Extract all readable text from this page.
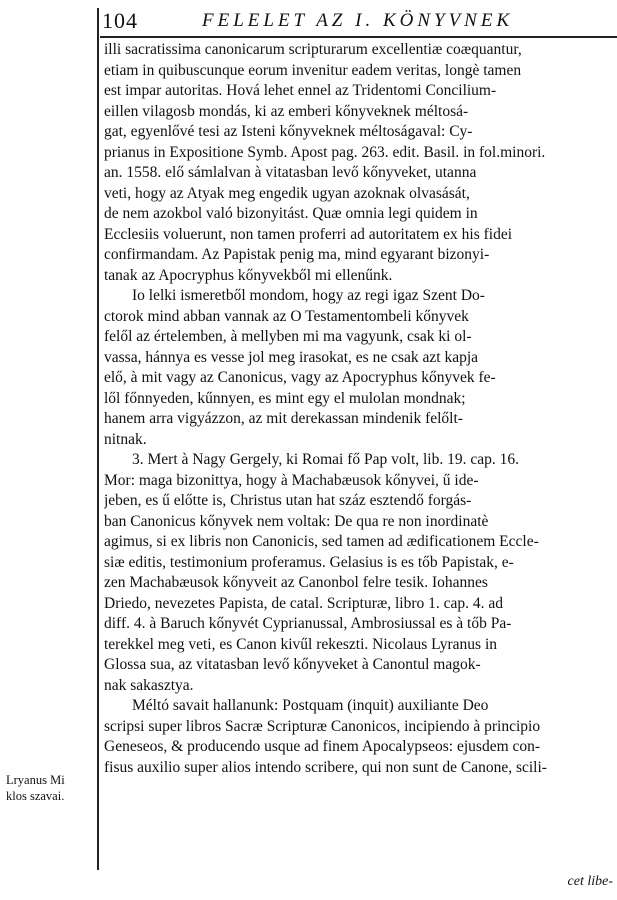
104	FELELET AZ I. KÖNYVNEK
illi sacratissima canonicarum scripturarum excellentiæ coæquantur,
etiam in quibuscunque eorum invenitur eadem veritas, longè tamen
est impar autoritas. Hová lehet ennel az Tridentomi Concilium-
eillen vilagosb mondás, ki az emberi kőnyveknek méltosá-
gat, egyenlővé tesi az Isteni kőnyveknek méltoságaval: Cy-
prianus in Expositione Symb. Apost pag. 263. edit. Basil. in fol.minori.
an. 1558. elő sámlalvan à vitatasban levő kőnyveket, utanna
veti, hogy az Atyak meg engedik ugyan azoknak olvasását,
de nem azokbol való bizonyitást. Quæ omnia legi quidem in
Ecclesiis voluerunt, non tamen proferri ad autoritatem ex his fidei
confirmandam. Az Papistak penig ma, mind egyarant bizonyi-
tanak az Apocryphus kőnyvekből mi ellenűnk.
Io lelki ismeretből mondom, hogy az regi igaz Szent Do-
ctorok mind abban vannak az O Testamentombeli kőnyvek
felől az értelemben, à mellyben mi ma vagyunk, csak ki ol-
vassa, hánnya es vesse jol meg irasokat, es ne csak azt kapja
elő, à mit vagy az Canonicus, vagy az Apocryphus kőnyvek fe-
lől főnnyeden, kűnnyen, es mint egy el mulolan mondnak;
hanem arra vigyázzon, az mit derekassan mindenik felőlt-
nitnak.
3. Mert à Nagy Gergely, ki Romai fő Pap volt, lib. 19. cap. 16.
Mor: maga bizonittya, hogy à Machabæusok kőnyvei, ű ide-
jeben, es ű előtte is, Christus utan hat száz esztendő forgás-
ban Canonicus kőnyvek nem voltak: De qua re non inordinatè
agimus, si ex libris non Canonicis, sed tamen ad ædificationem Eccle-
siæ editis, testimonium proferamus. Gelasius is es tőb Papistak, e-
zen Machabæusok kőnyveit az Canonbol felre tesik. Iohannes
Driedo, nevezetes Papista, de catal. Scripturæ, libro 1. cap. 4. ad
diff. 4. à Baruch kőnyvét Cyprianussal, Ambrosiussal es à tőb Pa-
terekkel meg veti, es Canon kivűl rekeszti. Nicolaus Lyranus in
Glossa sua, az vitatasban levő kőnyveket à Canontul magok-
nak sakasztya.
Méltó savait hallanunk: Postquam (inquit) auxiliante Deo
scripsi super libros Sacræ Scripturæ Canonicos, incipiendo à principio
Geneseos, & producendo usque ad finem Apocalypseos: ejusdem con-
fisus auxilio super alios intendo scribere, qui non sunt de Canone, scili-
Lryanus Mi
klos szavai.
cet libe-
